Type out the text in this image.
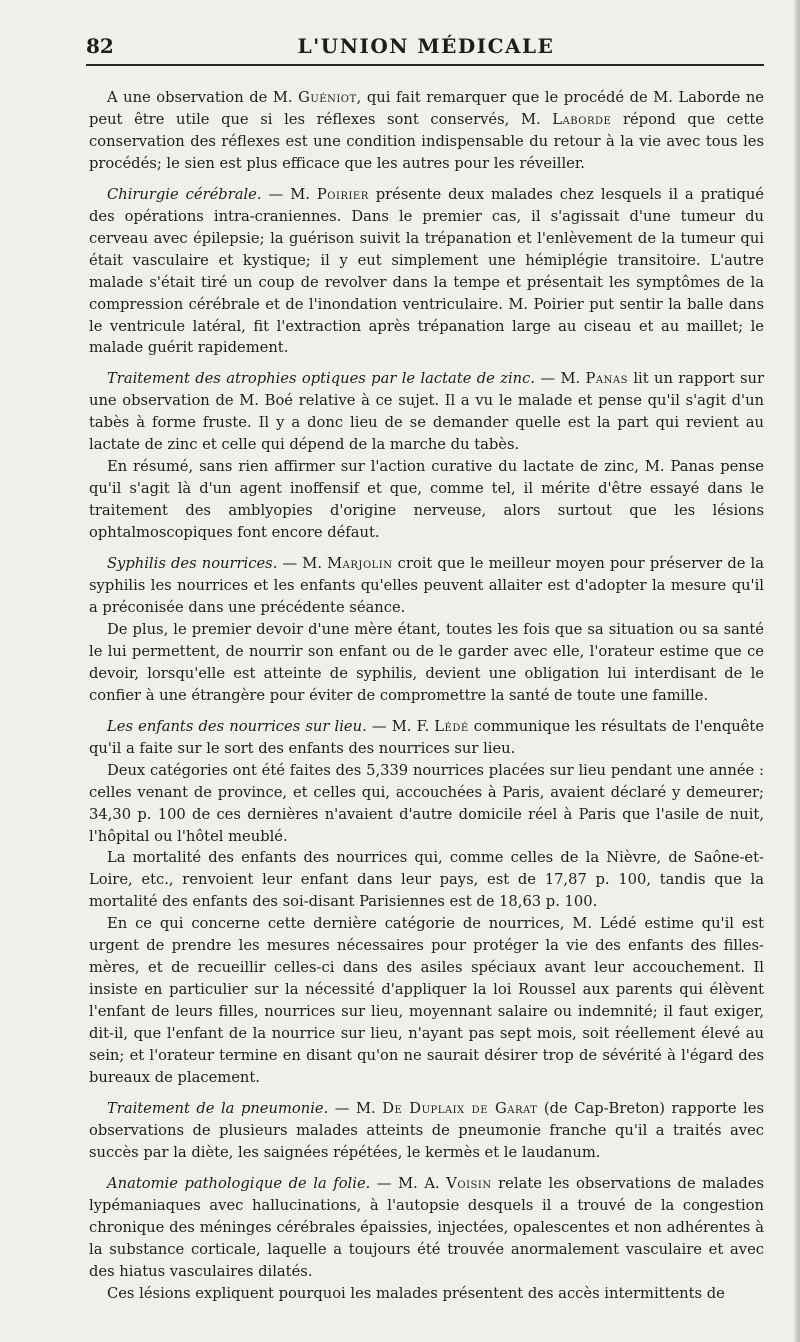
82	L'UNION MÉDICALE

A une observation de M. Guéniot, qui fait remarquer que le procédé de M. Laborde ne peut être utile que si les réflexes sont conservés, M. Laborde répond que cette conservation des réflexes est une condition indispensable du retour à la vie avec tous les procédés; le sien est plus efficace que les autres pour les réveiller.

Chirurgie cérébrale. — M. Poirier présente deux malades chez lesquels il a pratiqué des opérations intra-craniennes. Dans le premier cas, il s'agissait d'une tumeur du cerveau avec épilepsie; la guérison suivit la trépanation et l'enlèvement de la tumeur qui était vasculaire et kystique; il y eut simplement une hémiplégie transitoire. L'autre malade s'était tiré un coup de revolver dans la tempe et présentait les symptômes de la compression cérébrale et de l'inondation ventriculaire. M. Poirier put sentir la balle dans le ventricule latéral, fit l'extraction après trépanation large au ciseau et au maillet; le malade guérit rapidement.

Traitement des atrophies optiques par le lactate de zinc. — M. Panas lit un rapport sur une observation de M. Boé relative à ce sujet. Il a vu le malade et pense qu'il s'agit d'un tabès à forme fruste. Il y a donc lieu de se demander quelle est la part qui revient au lactate de zinc et celle qui dépend de la marche du tabès.

En résumé, sans rien affirmer sur l'action curative du lactate de zinc, M. Panas pense qu'il s'agit là d'un agent inoffensif et que, comme tel, il mérite d'être essayé dans le traitement des amblyopies d'origine nerveuse, alors surtout que les lésions ophtalmoscopiques font encore défaut.

Syphilis des nourrices. — M. Marjolin croit que le meilleur moyen pour préserver de la syphilis les nourrices et les enfants qu'elles peuvent allaiter est d'adopter la mesure qu'il a préconisée dans une précédente séance.

De plus, le premier devoir d'une mère étant, toutes les fois que sa situation ou sa santé le lui permettent, de nourrir son enfant ou de le garder avec elle, l'orateur estime que ce devoir, lorsqu'elle est atteinte de syphilis, devient une obligation lui interdisant de le confier à une étrangère pour éviter de compromettre la santé de toute une famille.

Les enfants des nourrices sur lieu. — M. F. Lédé communique les résultats de l'enquête qu'il a faite sur le sort des enfants des nourrices sur lieu.

Deux catégories ont été faites des 5,339 nourrices placées sur lieu pendant une année : celles venant de province, et celles qui, accouchées à Paris, avaient déclaré y demeurer; 34,30 p. 100 de ces dernières n'avaient d'autre domicile réel à Paris que l'asile de nuit, l'hôpital ou l'hôtel meublé.

La mortalité des enfants des nourrices qui, comme celles de la Nièvre, de Saône-et-Loire, etc., renvoient leur enfant dans leur pays, est de 17,87 p. 100, tandis que la mortalité des enfants des soi-disant Parisiennes est de 18,63 p. 100.

En ce qui concerne cette dernière catégorie de nourrices, M. Lédé estime qu'il est urgent de prendre les mesures nécessaires pour protéger la vie des enfants des filles-mères, et de recueillir celles-ci dans des asiles spéciaux avant leur accouchement. Il insiste en particulier sur la nécessité d'appliquer la loi Roussel aux parents qui élèvent l'enfant de leurs filles, nourrices sur lieu, moyennant salaire ou indemnité; il faut exiger, dit-il, que l'enfant de la nourrice sur lieu, n'ayant pas sept mois, soit réellement élevé au sein; et l'orateur termine en disant qu'on ne saurait désirer trop de sévérité à l'égard des bureaux de placement.

Traitement de la pneumonie. — M. De Duplaix de Garat (de Cap-Breton) rapporte les observations de plusieurs malades atteints de pneumonie franche qu'il a traités avec succès par la diète, les saignées répétées, le kermès et le laudanum.

Anatomie pathologique de la folie. — M. A. Voisin relate les observations de malades lypémaniaques avec hallucinations, à l'autopsie desquels il a trouvé de la congestion chronique des méninges cérébrales épaissies, injectées, opalescentes et non adhérentes à la substance corticale, laquelle a toujours été trouvée anormalement vasculaire et avec des hiatus vasculaires dilatés.

Ces lésions expliquent pourquoi les malades présentent des accès intermittents de
